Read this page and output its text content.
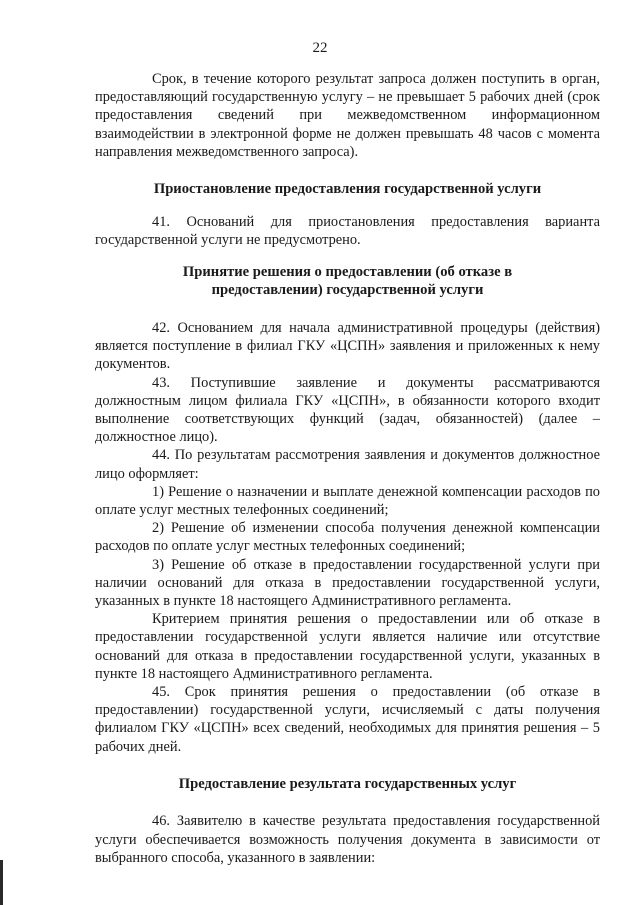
22

Срок, в течение которого результат запроса должен поступить в орган, предоставляющий государственную услугу – не превышает 5 рабочих дней (срок предоставления сведений при межведомственном информационном взаимодействии в электронной форме не должен превышать 48 часов с момента направления межведомственного запроса).

Приостановление предоставления государственной услуги

41. Оснований для приостановления предоставления варианта государственной услуги не предусмотрено.

Принятие решения о предоставлении (об отказе в
предоставлении) государственной услуги

42. Основанием для начала административной процедуры (действия) является поступление в филиал ГКУ «ЦСПН» заявления и приложенных к нему документов.

43. Поступившие заявление и документы рассматриваются должностным лицом филиала ГКУ «ЦСПН», в обязанности которого входит выполнение соответствующих функций (задач, обязанностей) (далее – должностное лицо).

44. По результатам рассмотрения заявления и документов должностное лицо оформляет:

1) Решение о назначении и выплате денежной компенсации расходов по оплате услуг местных телефонных соединений;

2) Решение об изменении способа получения денежной компенсации расходов по оплате услуг местных телефонных соединений;

3) Решение об отказе в предоставлении государственной услуги при наличии оснований для отказа в предоставлении государственной услуги, указанных в пункте 18 настоящего Административного регламента.

Критерием принятия решения о предоставлении или об отказе в предоставлении государственной услуги является наличие или отсутствие оснований для отказа в предоставлении государственной услуги, указанных в пункте 18 настоящего Административного регламента.

45. Срок принятия решения о предоставлении (об отказе в предоставлении) государственной услуги, исчисляемый с даты получения филиалом ГКУ «ЦСПН» всех сведений, необходимых для принятия решения – 5 рабочих дней.

Предоставление результата государственных услуг

46. Заявителю в качестве результата предоставления государственной услуги обеспечивается возможность получения документа в зависимости от выбранного способа, указанного в заявлении:
